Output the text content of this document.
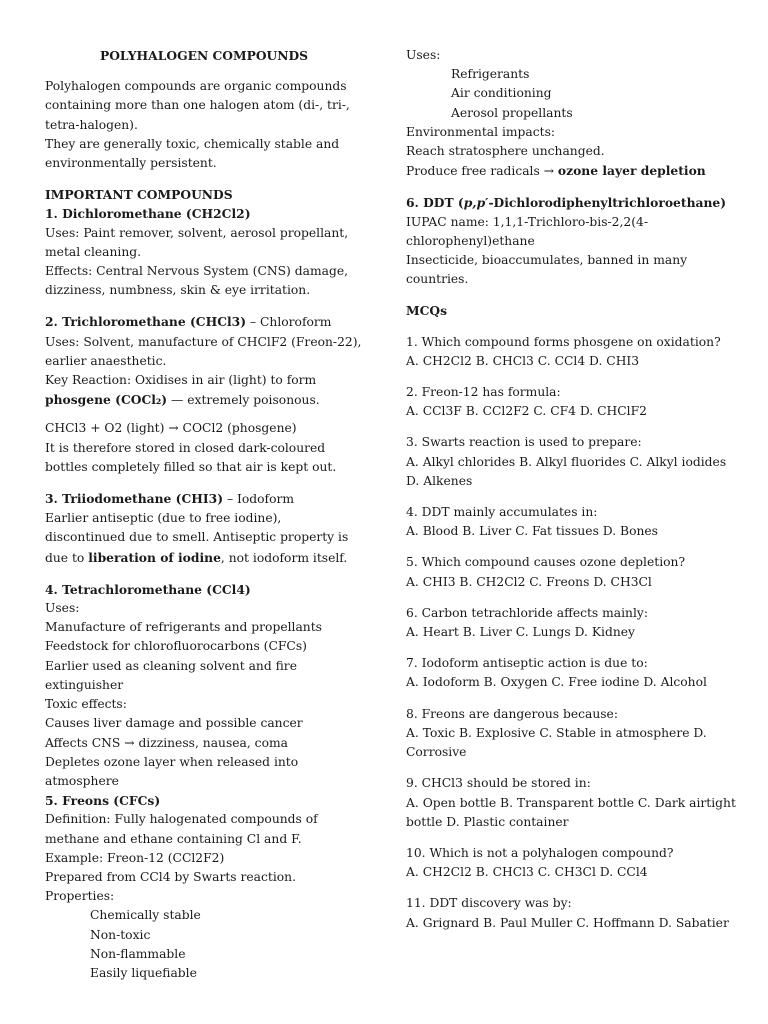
POLYHALOGEN COMPOUNDS

Polyhalogen compounds are organic compounds containing more than one halogen atom (di-, tri-, tetra-halogen).

They are generally toxic, chemically stable and environmentally persistent.

IMPORTANT COMPOUNDS

1. Dichloromethane (CH2Cl2)

Uses: Paint remover, solvent, aerosol propellant, metal cleaning.

Effects: Central Nervous System (CNS) damage, dizziness, numbness, skin & eye irritation.

2. Trichloromethane (CHCl3) – Chloroform

Uses: Solvent, manufacture of CHClF2 (Freon-22), earlier anaesthetic.

Key Reaction: Oxidises in air (light) to form
phosgene (COCl₂) — extremely poisonous.

CHCl3 + O2 (light) → COCl2 (phosgene)

It is therefore stored in closed dark-coloured bottles completely filled so that air is kept out.

3. Triiodomethane (CHI3) – Iodoform

Earlier antiseptic (due to free iodine), discontinued due to smell. Antiseptic property is due to liberation of iodine, not iodoform itself.

4. Tetrachloromethane (CCl4)

Uses:

Manufacture of refrigerants and propellants

Feedstock for chlorofluorocarbons (CFCs)

Earlier used as cleaning solvent and fire extinguisher

Toxic effects:

Causes liver damage and possible cancer

Affects CNS → dizziness, nausea, coma

Depletes ozone layer when released into atmosphere

5. Freons (CFCs)

Definition: Fully halogenated compounds of methane and ethane containing Cl and F.

Example: Freon-12 (CCl2F2)

Prepared from CCl4 by Swarts reaction.

Properties:

Chemically stable

Non-toxic

Non-flammable

Easily liquefiable

Uses:

Refrigerants

Air conditioning

Aerosol propellants

Environmental impacts:

Reach stratosphere unchanged.

Produce free radicals → ozone layer depletion

6. DDT (p,p′-Dichlorodiphenyltrichloroethane)

IUPAC name: 1,1,1-Trichloro-bis-2,2(4-chlorophenyl)ethane

Insecticide, bioaccumulates, banned in many countries.

MCQs

1. Which compound forms phosgene on oxidation?

A. CH2Cl2 B. CHCl3 C. CCl4 D. CHI3

2. Freon-12 has formula:

A. CCl3F B. CCl2F2 C. CF4 D. CHClF2

3. Swarts reaction is used to prepare:

A. Alkyl chlorides B. Alkyl fluorides C. Alkyl iodides D. Alkenes

4. DDT mainly accumulates in:

A. Blood B. Liver C. Fat tissues D. Bones

5. Which compound causes ozone depletion?

A. CHI3 B. CH2Cl2 C. Freons D. CH3Cl

6. Carbon tetrachloride affects mainly:

A. Heart B. Liver C. Lungs D. Kidney

7. Iodoform antiseptic action is due to:

A. Iodoform B. Oxygen C. Free iodine D. Alcohol

8. Freons are dangerous because:

A. Toxic B. Explosive C. Stable in atmosphere D. Corrosive

9. CHCl3 should be stored in:

A. Open bottle B. Transparent bottle C. Dark airtight bottle D. Plastic container

10. Which is not a polyhalogen compound?

A. CH2Cl2 B. CHCl3 C. CH3Cl D. CCl4

11. DDT discovery was by:

A. Grignard B. Paul Muller C. Hoffmann D. Sabatier
